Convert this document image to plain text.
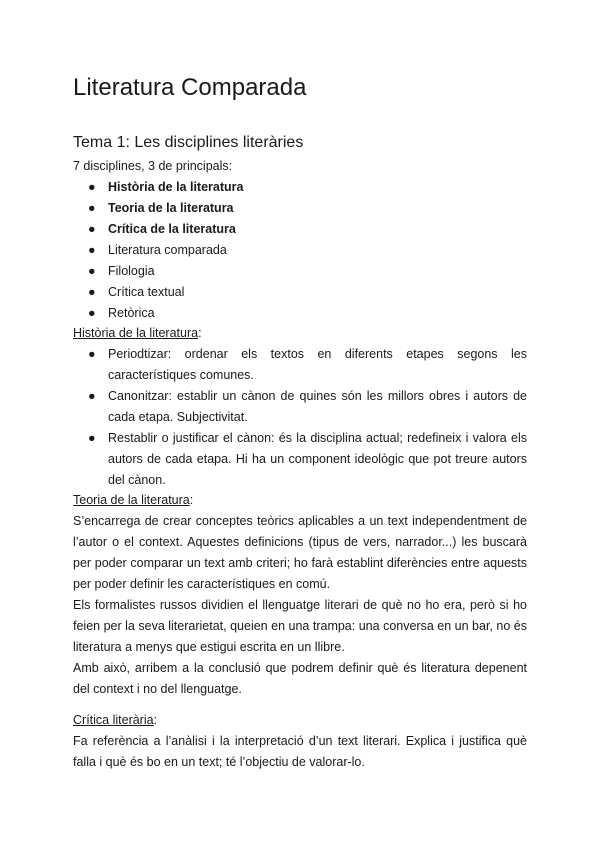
Literatura Comparada
Tema 1: Les disciplines literàries
7 disciplines, 3 de principals:
● Història de la literatura
● Teoria de la literatura
● Crítica de la literatura
● Literatura comparada
● Filologia
● Crítica textual
● Retòrica
Història de la literatura:
● Periodtizar: ordenar els textos en diferents etapes segons les característiques comunes.
● Canonitzar: establir un cànon de quines són les millors obres i autors de cada etapa. Subjectivitat.
● Restablir o justificar el cànon: és la disciplina actual; redefineix i valora els autors de cada etapa. Hi ha un component ideològic que pot treure autors del cànon.
Teoria de la literatura:
S’encarrega de crear conceptes teòrics aplicables a un text independentment de l’autor o el context. Aquestes definicions (tipus de vers, narrador...) les buscarà per poder comparar un text amb criteri; ho farà establint diferències entre aquests per poder definir les característiques en comú.
Els formalistes russos dividien el llenguatge literari de què no ho era, però si ho feien per la seva literarietat, queien en una trampa: una conversa en un bar, no és literatura a menys que estigui escrita en un llibre.
Amb això, arribem a la conclusió que podrem definir què és literatura depenent del context i no del llenguatge.
Crítica literària:
Fa referència a l’anàlisi i la interpretació d’un text literari. Explica i justifica què falla i què és bo en un text; té l’objectiu de valorar-lo.
